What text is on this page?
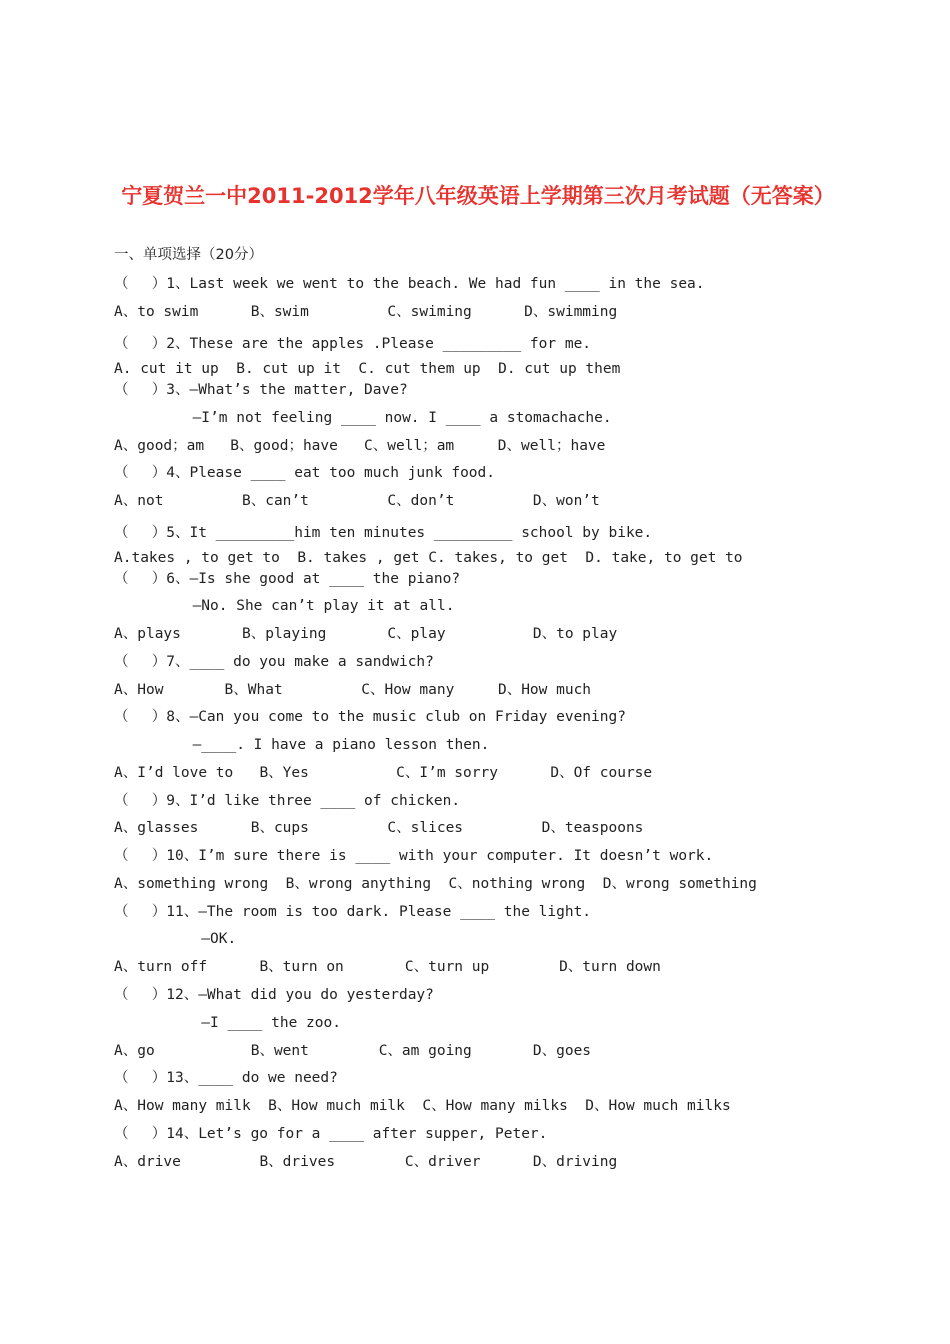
宁夏贺兰一中2011-2012学年八年级英语上学期第三次月考试题（无答案）
一、单项选择（20分）
（　 ）1、Last week we went to the beach. We had fun ____ in the sea.
A、to swim      B、swim         C、swiming      D、swimming
（　 ）2、These are the apples .Please _________ for me.
A. cut it up  B. cut up it  C. cut them up  D. cut up them
（　 ）3、—What’s the matter, Dave?
—I’m not feeling ____ now. I ____ a stomachache.
A、good；am   B、good；have   C、well；am     D、well；have
（　 ）4、Please ____ eat too much junk food.
A、not         B、can’t         C、don’t         D、won’t
（　 ）5、It _________him ten minutes _________ school by bike.
A.takes , to get to  B. takes , get C. takes, to get  D. take, to get to
（　 ）6、—Is she good at ____ the piano?
—No. She can’t play it at all.
A、plays       B、playing       C、play          D、to play
（　 ）7、____ do you make a sandwich?
A、How       B、What         C、How many     D、How much
（　 ）8、—Can you come to the music club on Friday evening?
—____. I have a piano lesson then.
A、I’d love to   B、Yes          C、I’m sorry      D、Of course
（　 ）9、I’d like three ____ of chicken.
A、glasses      B、cups         C、slices         D、teaspoons
（　 ）10、I’m sure there is ____ with your computer. It doesn’t work.
A、something wrong  B、wrong anything  C、nothing wrong  D、wrong something
（　 ）11、—The room is too dark. Please ____ the light.
—OK.
A、turn off      B、turn on       C、turn up        D、turn down
（　 ）12、—What did you do yesterday?
—I ____ the zoo.
A、go           B、went        C、am going       D、goes
（　 ）13、____ do we need?
A、How many milk  B、How much milk  C、How many milks  D、How much milks
（　 ）14、Let’s go for a ____ after supper, Peter.
A、drive         B、drives        C、driver      D、driving
